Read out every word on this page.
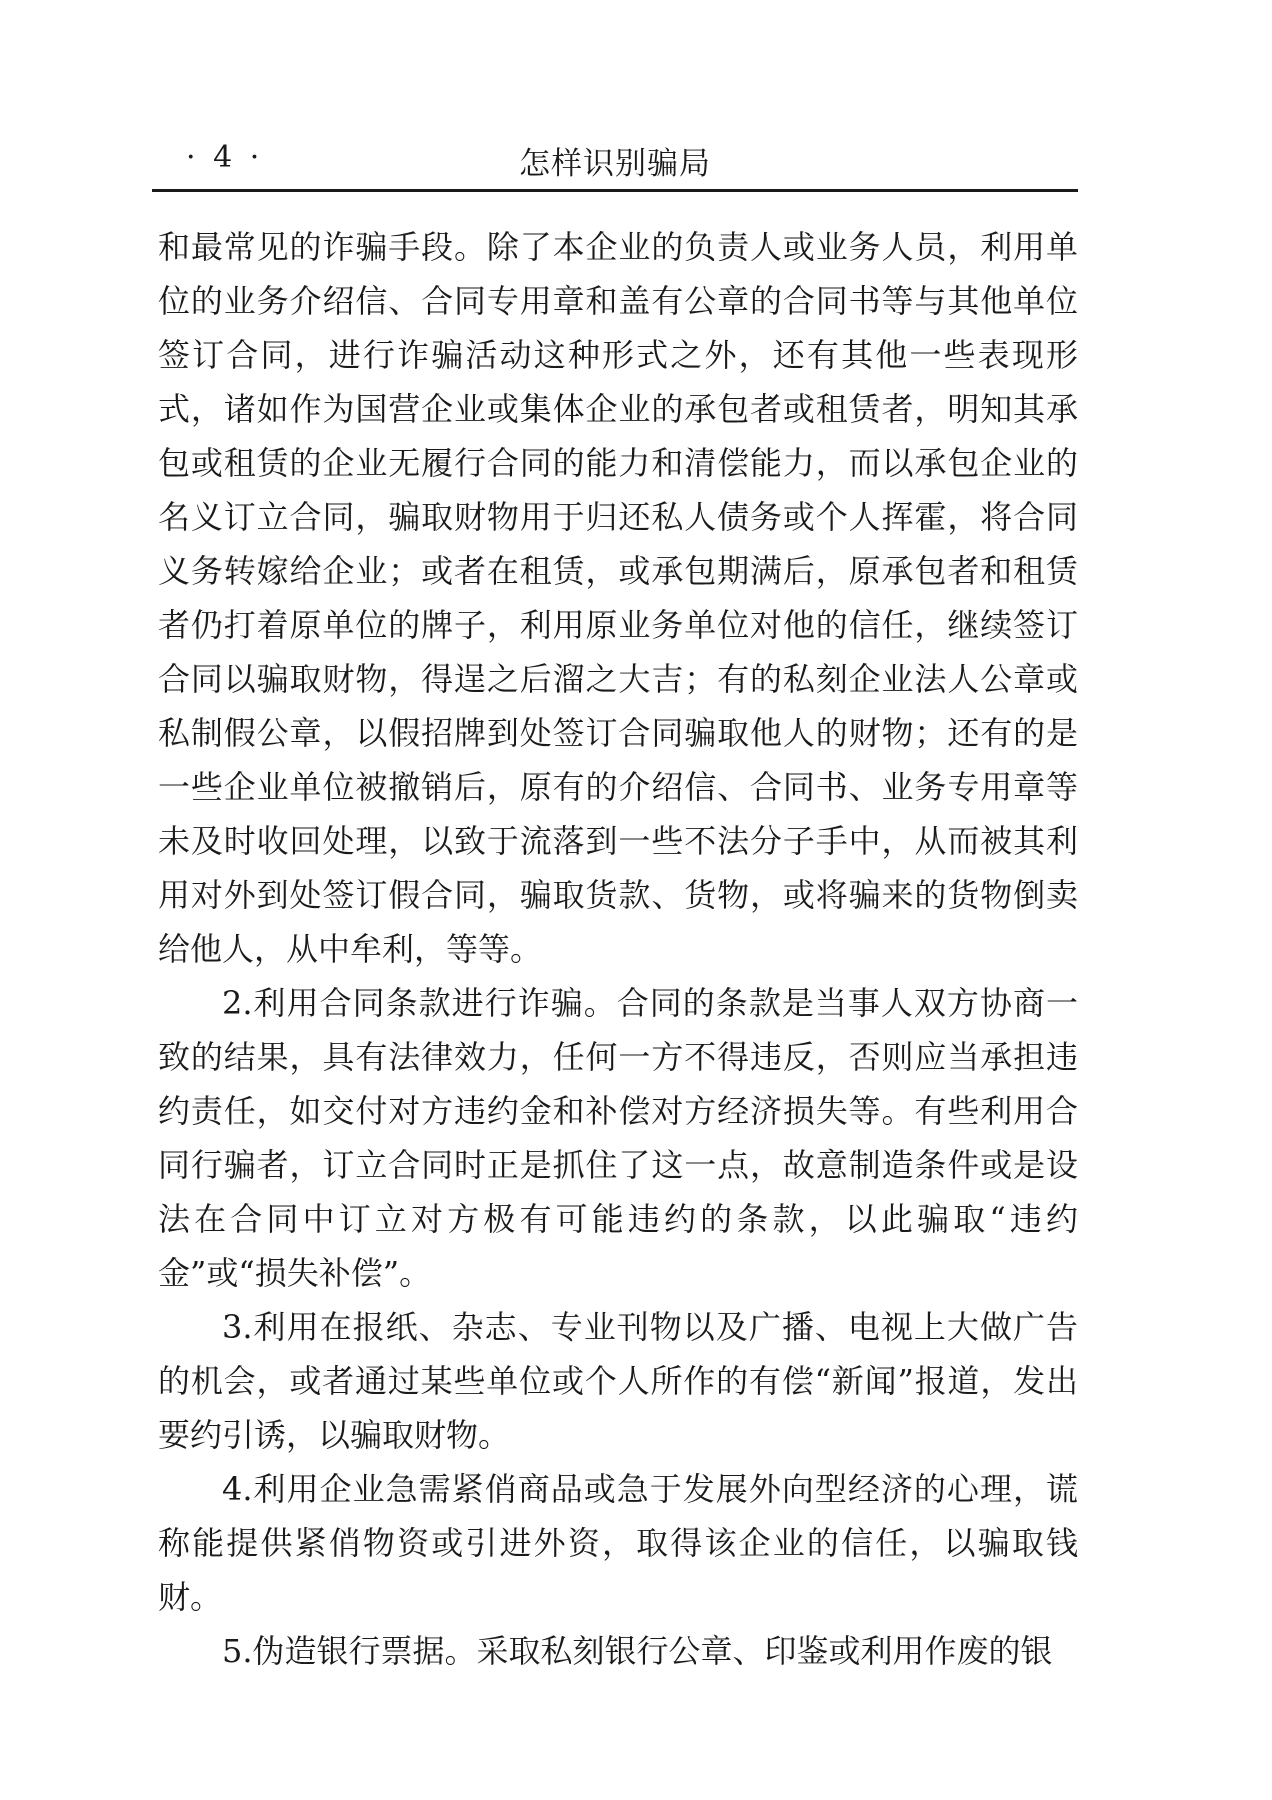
· 4 ·	怎样识别骗局

和最常见的诈骗手段。除了本企业的负责人或业务人员，利用单位的业务介绍信、合同专用章和盖有公章的合同书等与其他单位签订合同，进行诈骗活动这种形式之外，还有其他一些表现形式，诸如作为国营企业或集体企业的承包者或租赁者，明知其承包或租赁的企业无履行合同的能力和清偿能力，而以承包企业的名义订立合同，骗取财物用于归还私人债务或个人挥霍，将合同义务转嫁给企业；或者在租赁，或承包期满后，原承包者和租赁者仍打着原单位的牌子，利用原业务单位对他的信任，继续签订合同以骗取财物，得逞之后溜之大吉；有的私刻企业法人公章或私制假公章，以假招牌到处签订合同骗取他人的财物；还有的是一些企业单位被撤销后，原有的介绍信、合同书、业务专用章等未及时收回处理，以致于流落到一些不法分子手中，从而被其利用对外到处签订假合同，骗取货款、货物，或将骗来的货物倒卖给他人，从中牟利，等等。

2.利用合同条款进行诈骗。合同的条款是当事人双方协商一致的结果，具有法律效力，任何一方不得违反，否则应当承担违约责任，如交付对方违约金和补偿对方经济损失等。有些利用合同行骗者，订立合同时正是抓住了这一点，故意制造条件或是设法在合同中订立对方极有可能违约的条款，以此骗取“违约金”或“损失补偿”。

3.利用在报纸、杂志、专业刊物以及广播、电视上大做广告的机会，或者通过某些单位或个人所作的有偿“新闻”报道，发出要约引诱，以骗取财物。

4.利用企业急需紧俏商品或急于发展外向型经济的心理，谎称能提供紧俏物资或引进外资，取得该企业的信任，以骗取钱财。

5.伪造银行票据。采取私刻银行公章、印鉴或利用作废的银
